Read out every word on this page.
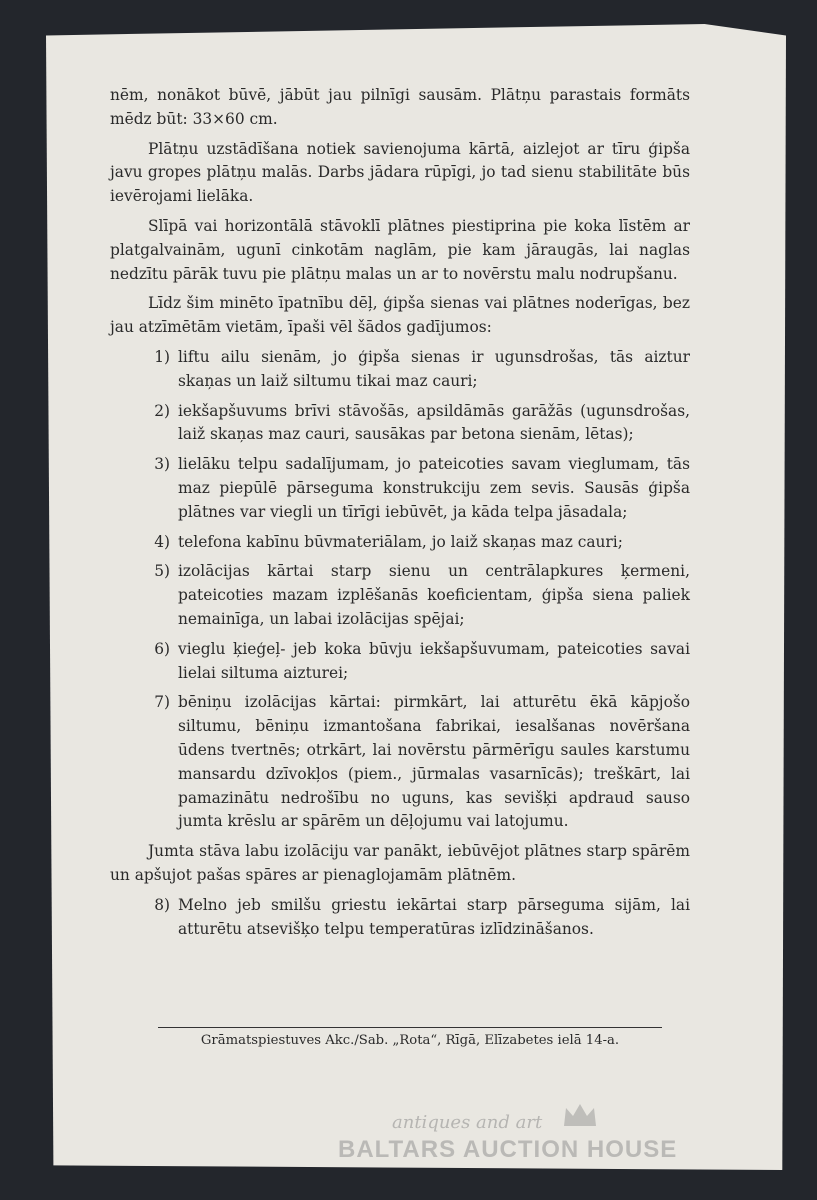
nēm, nonākot būvē, jābūt jau pilnīgi sausām. Plātņu parastais formāts mēdz būt: 33×60 cm.

Plātņu uzstādīšana notiek savienojuma kārtā, aizlejot ar tīru ģipša javu gropes plātņu malās. Darbs jādara rūpīgi, jo tad sienu stabilitāte būs ievērojami lielāka.

Slīpā vai horizontālā stāvoklī plātnes piestiprina pie koka līstēm ar platgalvainām, ugunī cinkotām naglām, pie kam jāraugās, lai naglas nedzītu pārāk tuvu pie plātņu malas un ar to novērstu malu nodrupšanu.

Līdz šim minēto īpatnību dēļ, ģipša sienas vai plātnes noderīgas, bez jau atzīmētām vietām, īpaši vēl šādos gadījumos:

1) liftu ailu sienām, jo ģipša sienas ir ugunsdrošas, tās aiztur skaņas un laiž siltumu tikai maz cauri;
2) iekšapšuvums brīvi stāvošās, apsildāmās garāžās (ugunsdrošas, laiž skaņas maz cauri, sausākas par betona sienām, lētas);
3) lielāku telpu sadalījumam, jo pateicoties savam vieglumam, tās maz piepūlē pārseguma konstrukciju zem sevis. Sausās ģipša plātnes var viegli un tīrīgi iebūvēt, ja kāda telpa jāsadala;
4) telefona kabīnu būvmateriālam, jo laiž skaņas maz cauri;
5) izolācijas kārtai starp sienu un centrālapkures ķermeni, pateicoties mazam izplēšanās koeficientam, ģipša siena paliek nemainīga, un labai izolācijas spējai;
6) vieglu ķieģeļ- jeb koka būvju iekšapšuvumam, pateicoties savai lielai siltuma aiztureі;
7) bēniņu izolācijas kārtai: pirmkārt, lai atturētu ēkā kāpjošo siltumu, bēniņu izmantošana fabrikai, iesalšanas novēršana ūdens tvertnēs; otrkārt, lai novērstu pārmērīgu saules karstumu mansardu dzīvokļos (piem., jūrmalas vasarnīcās); treškārt, lai pamazinātu nedrošību no uguns, kas sevišķi apdraud sauso jumta krēslu ar spārēm un dēļojumu vai latojumu.

Jumta stāva labu izolāciju var panākt, iebūvējot plātnes starp spārēm un apšujot pašas spāres ar pienaglojamām plātnēm.

8) Melno jeb smilšu griestu iekārtai starp pārseguma sijām, lai atturētu atsevišķo telpu temperatūras izlīdzināšanos.
Grāmatspiestuves Akc./Sab. „Rota“, Rīgā, Elīzabetes ielā 14-a.
antiques and art
BALTARS AUCTION HOUSE
